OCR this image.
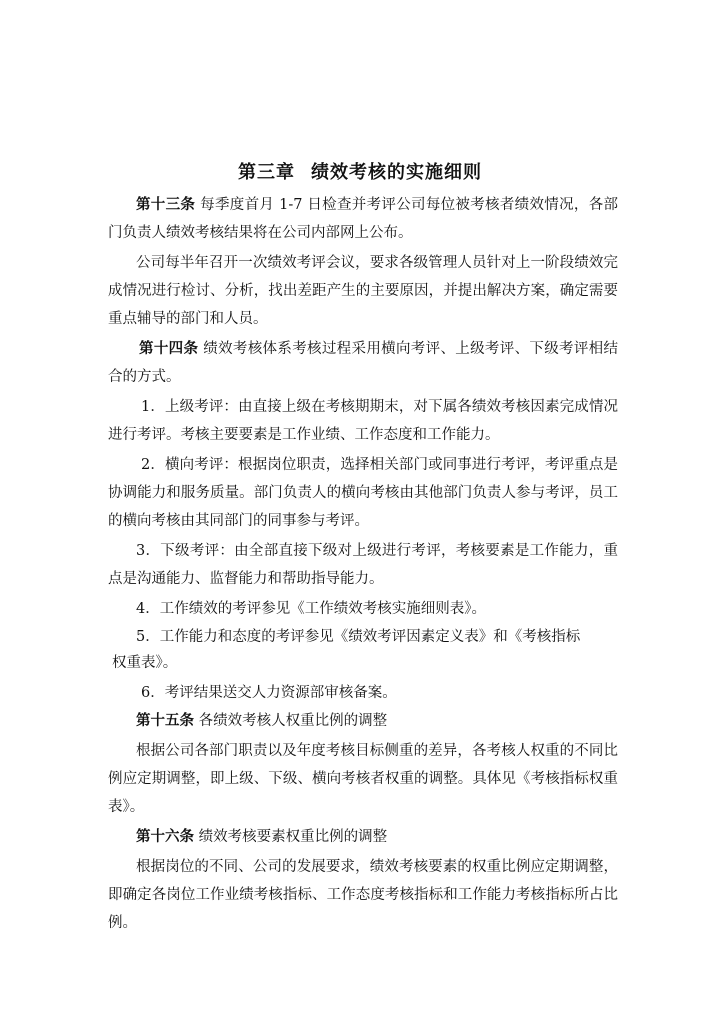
第三章 绩效考核的实施细则
第十三条 每季度首月 1-7 日检查并考评公司每位被考核者绩效情况，各部
门负责人绩效考核结果将在公司内部网上公布。
公司每半年召开一次绩效考评会议，要求各级管理人员针对上一阶段绩效完
成情况进行检讨、分析，找出差距产生的主要原因，并提出解决方案，确定需要
重点辅导的部门和人员。
第十四条 绩效考核体系考核过程采用横向考评、上级考评、下级考评相结
合的方式。
1．上级考评：由直接上级在考核期期末，对下属各绩效考核因素完成情况
进行考评。考核主要要素是工作业绩、工作态度和工作能力。
2．横向考评：根据岗位职责，选择相关部门或同事进行考评，考评重点是
协调能力和服务质量。部门负责人的横向考核由其他部门负责人参与考评，员工
的横向考核由其同部门的同事参与考评。
3．下级考评：由全部直接下级对上级进行考评，考核要素是工作能力，重
点是沟通能力、监督能力和帮助指导能力。
4．工作绩效的考评参见《工作绩效考核实施细则表》。
5．工作能力和态度的考评参见《绩效考评因素定义表》和《考核指标
权重表》。
6．考评结果送交人力资源部审核备案。
第十五条 各绩效考核人权重比例的调整
根据公司各部门职责以及年度考核目标侧重的差异，各考核人权重的不同比
例应定期调整，即上级、下级、横向考核者权重的调整。具体见《考核指标权重
表》。
第十六条 绩效考核要素权重比例的调整
根据岗位的不同、公司的发展要求，绩效考核要素的权重比例应定期调整，
即确定各岗位工作业绩考核指标、工作态度考核指标和工作能力考核指标所占比
例。
